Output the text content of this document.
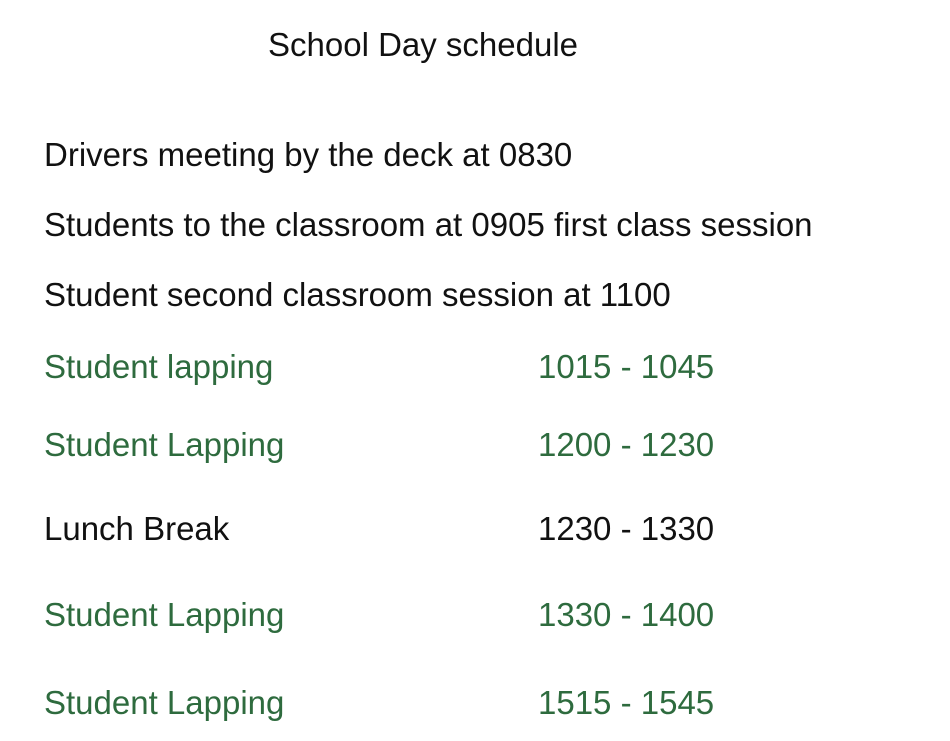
School Day schedule
Drivers meeting by the deck at 0830
Students to the classroom at 0905 first class session
Student second classroom session at 1100
Student lapping	1015 - 1045
Student Lapping	1200 - 1230
Lunch Break	1230 - 1330
Student Lapping	1330 - 1400
Student Lapping	1515 - 1545
